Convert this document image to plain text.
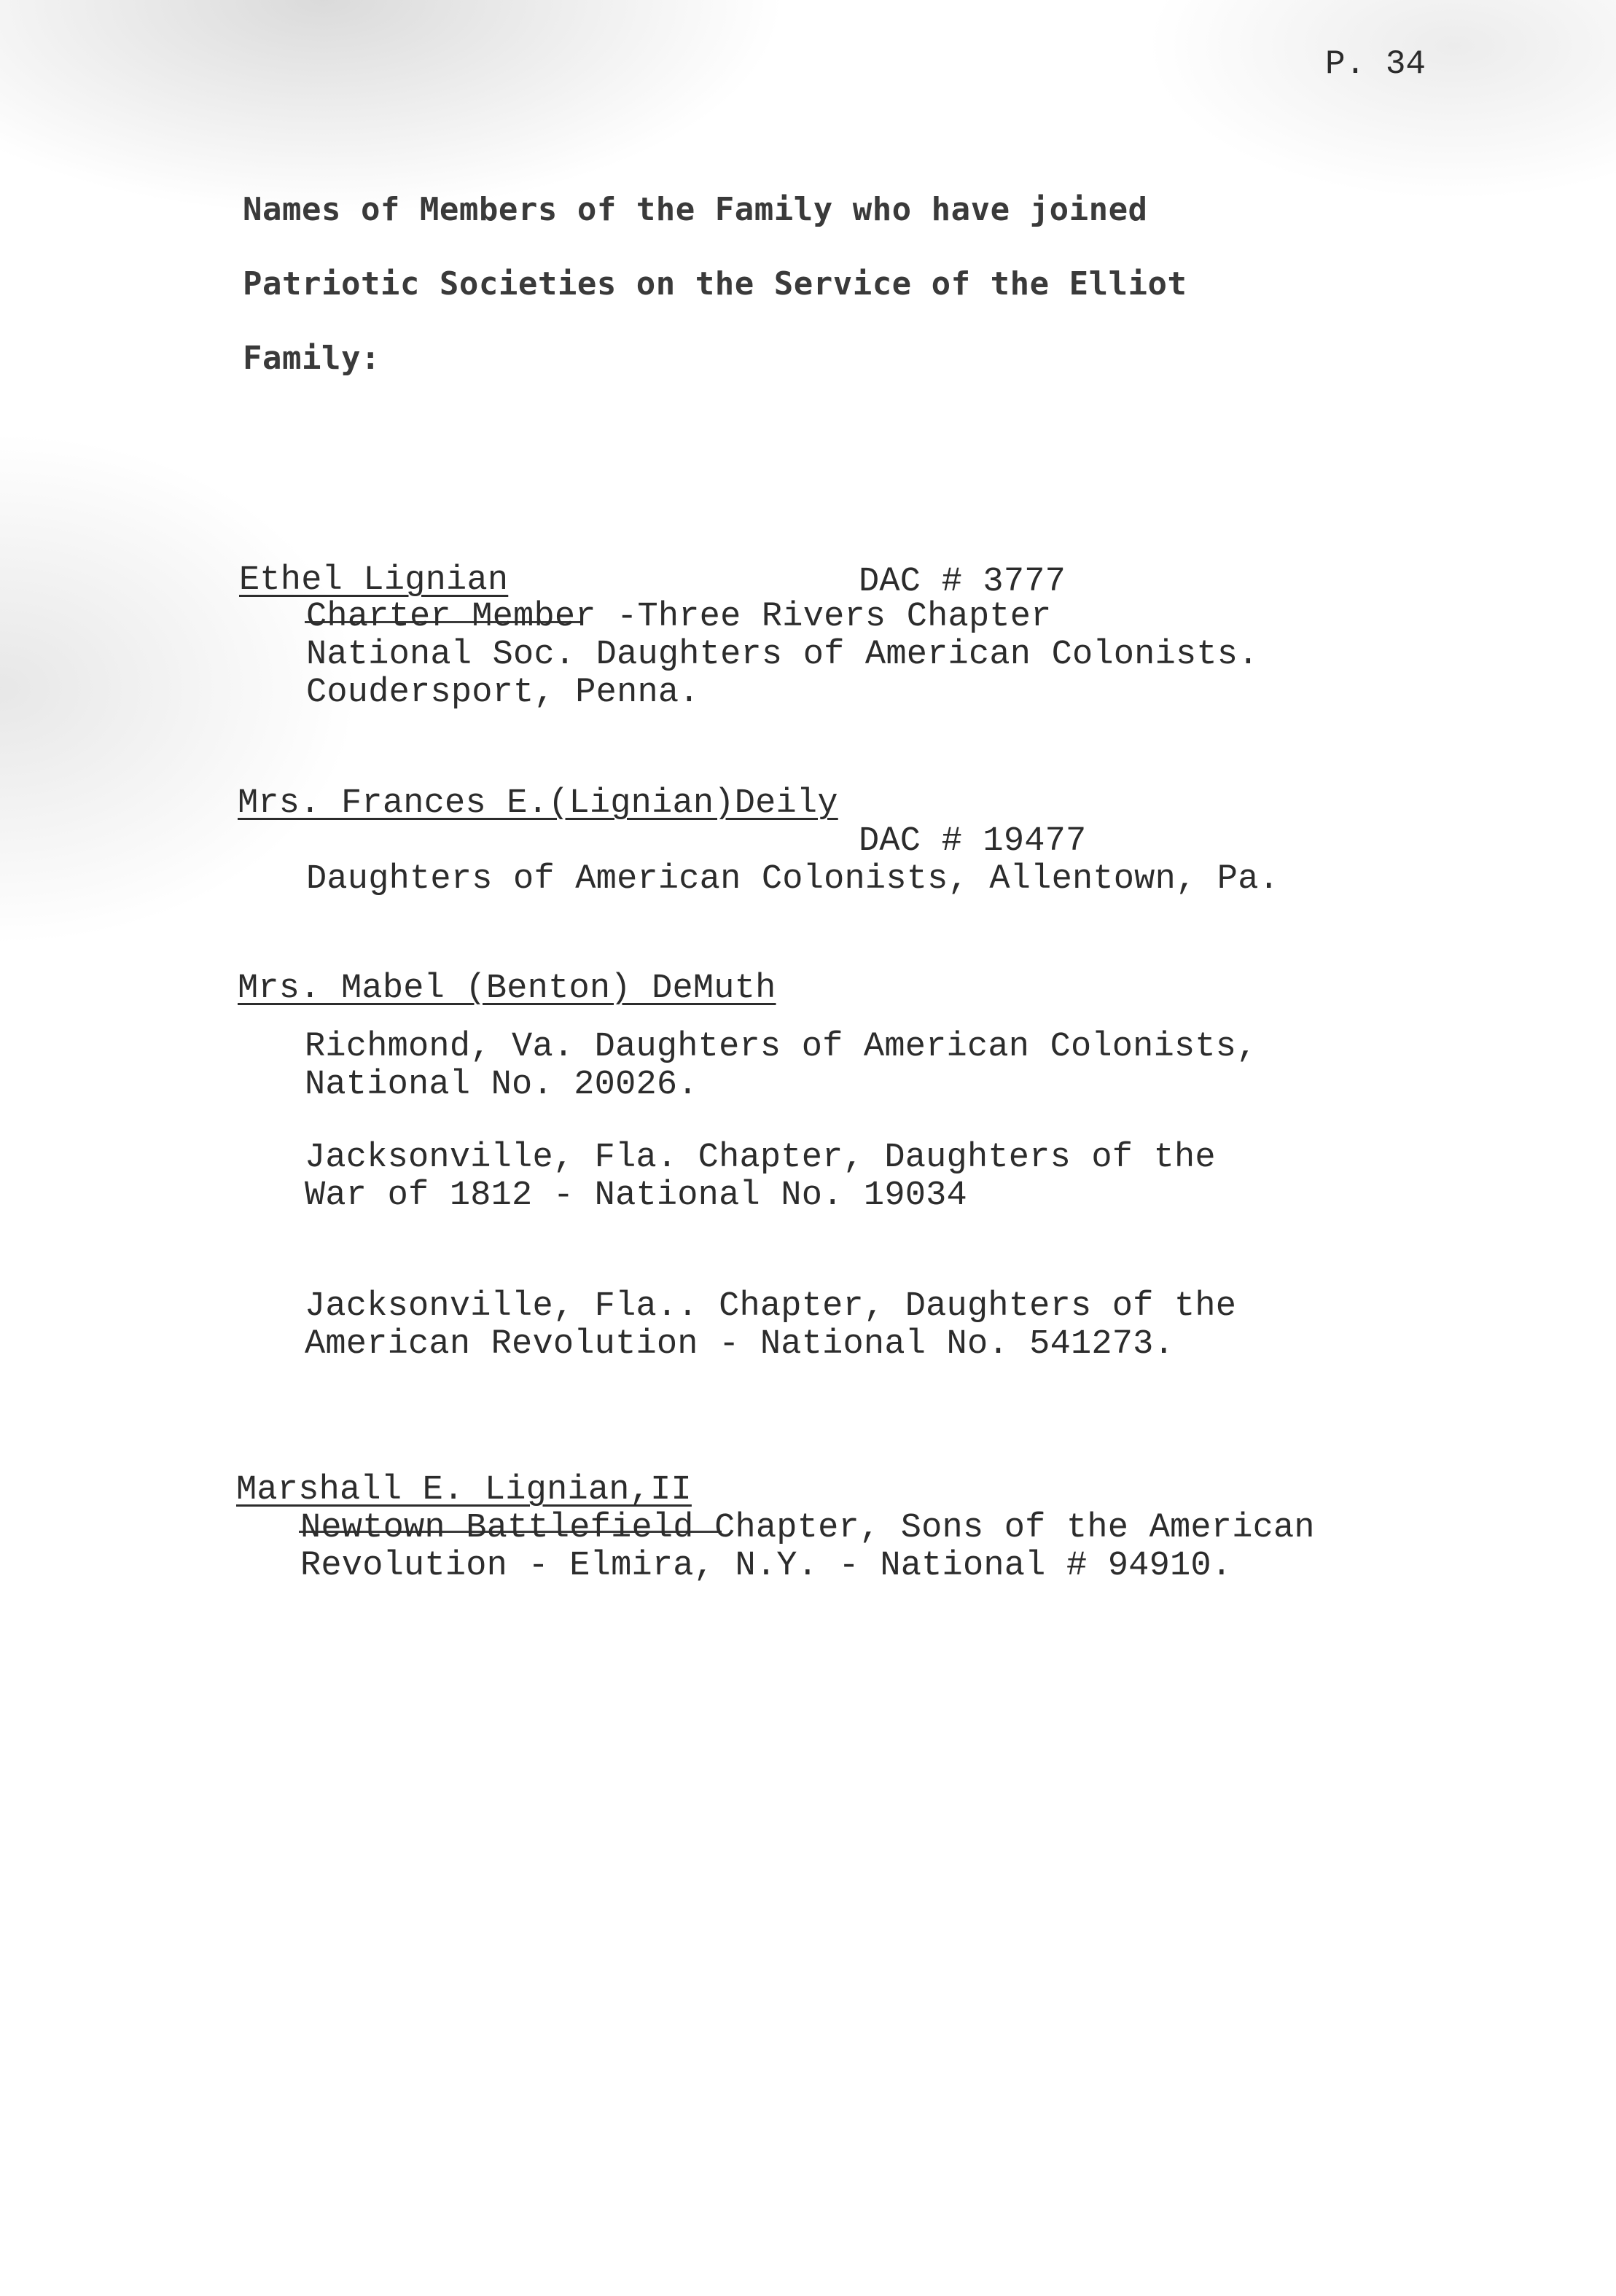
P. 34
Names of Members of the Family who have joined
Patriotic Societies on the Service of the Elliot
Family:
Ethel Lignian	DAC # 3777
Charter Member -Three Rivers Chapter
National Soc. Daughters of American Colonists.
Coudersport, Penna.
Mrs. Frances E.(Lignian)Deily
DAC # 19477
Daughters of American Colonists, Allentown, Pa.
Mrs. Mabel (Benton) DeMuth
Richmond, Va. Daughters of American Colonists,
National No. 20026.
Jacksonville, Fla. Chapter, Daughters of the
War of 1812 - National No. 19034
Jacksonville, Fla.. Chapter, Daughters of the
American Revolution - National No. 541273.
Marshall E. Lignian,II
Newtown Battlefield Chapter, Sons of the American
Revolution - Elmira, N.Y. - National # 94910.
